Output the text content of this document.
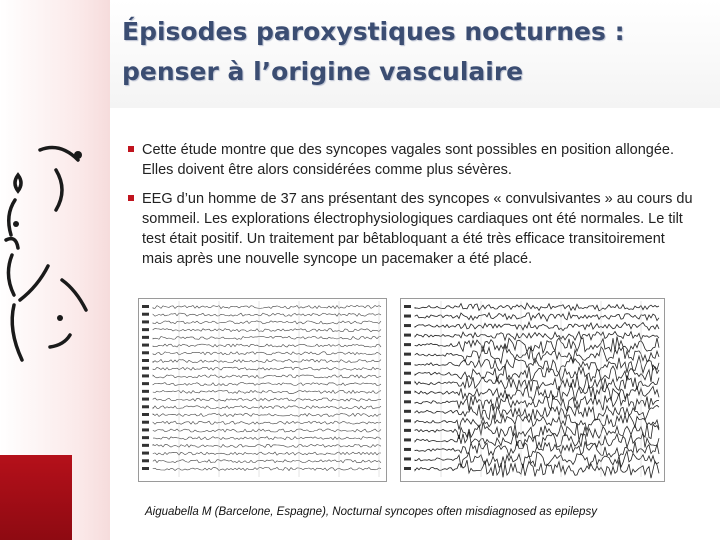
Épisodes paroxystiques nocturnes :
penser à l’origine vasculaire
Cette étude montre que des syncopes vagales sont possibles en position allongée. Elles doivent être alors considérées comme plus sévères.
EEG d’un homme de 37 ans présentant des syncopes « convulsivantes » au cours du sommeil. Les explorations électrophysiologiques cardiaques ont été normales. Le tilt test était positif. Un traitement par bêtabloquant a été très efficace transitoirement mais après une nouvelle syncope un pacemaker a été placé.
Aiguabella M (Barcelone, Espagne), Nocturnal syncopes often misdiagnosed as epilepsy
